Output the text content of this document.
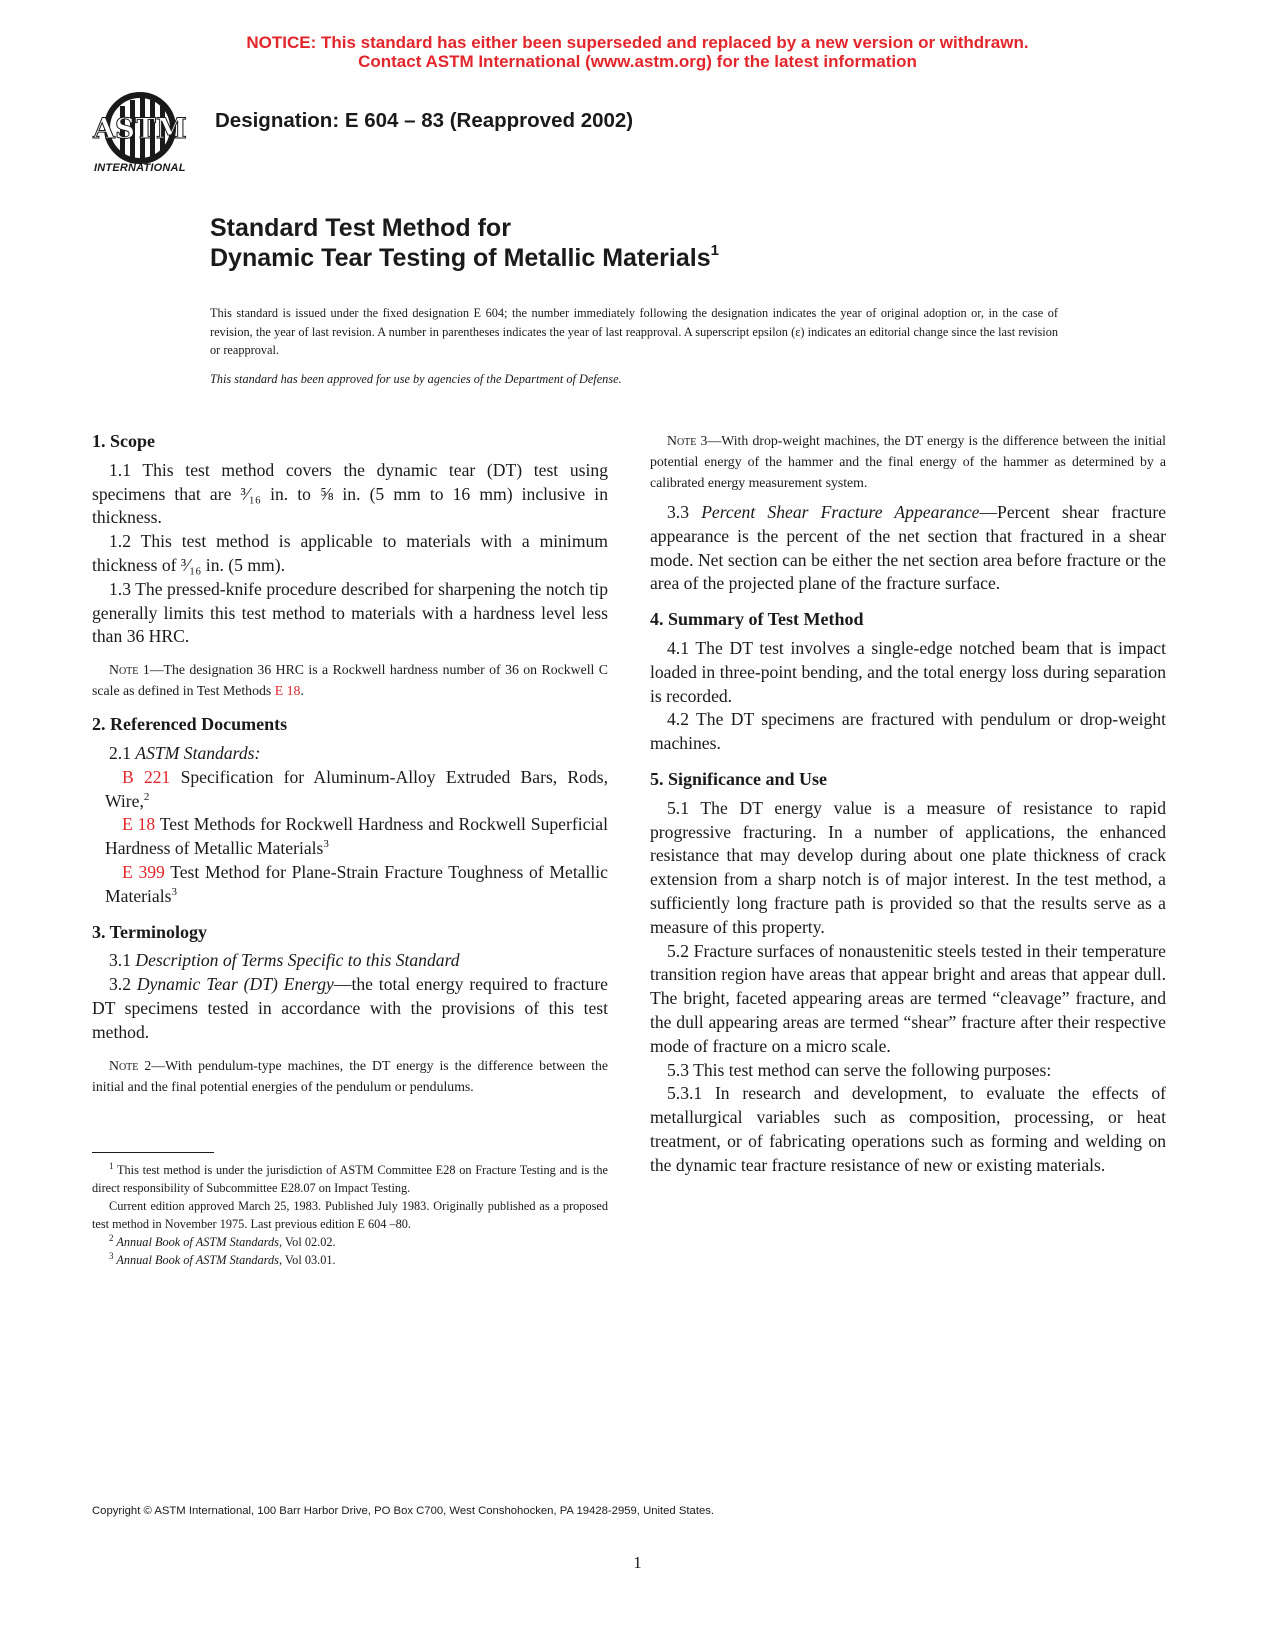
NOTICE: This standard has either been superseded and replaced by a new version or withdrawn.
Contact ASTM International (www.astm.org) for the latest information
ASTM
INTERNATIONAL
Designation: E 604 – 83 (Reapproved 2002)
Standard Test Method for
Dynamic Tear Testing of Metallic Materials$^1$
This standard is issued under the fixed designation E 604; the number immediately following the designation indicates the year of original adoption or, in the case of revision, the year of last revision. A number in parentheses indicates the year of last reapproval. A superscript epsilon (ε) indicates an editorial change since the last revision or reapproval.
This standard has been approved for use by agencies of the Department of Defense.
1. Scope

1.1 This test method covers the dynamic tear (DT) test using specimens that are ³⁄₁₆ in. to ⅝ in. (5 mm to 16 mm) inclusive in thickness.

1.2 This test method is applicable to materials with a minimum thickness of ³⁄₁₆ in. (5 mm).

1.3 The pressed-knife procedure described for sharpening the notch tip generally limits this test method to materials with a hardness level less than 36 HRC.

Note 1—The designation 36 HRC is a Rockwell hardness number of 36 on Rockwell C scale as defined in Test Methods E 18.

2. Referenced Documents

2.1 ASTM Standards:

B 221 Specification for Aluminum-Alloy Extruded Bars, Rods, Wire,$^2$

E 18 Test Methods for Rockwell Hardness and Rockwell Superficial Hardness of Metallic Materials$^3$

E 399 Test Method for Plane-Strain Fracture Toughness of Metallic Materials$^3$

3. Terminology

3.1 Description of Terms Specific to this Standard

3.2 Dynamic Tear (DT) Energy—the total energy required to fracture DT specimens tested in accordance with the provisions of this test method.

Note 2—With pendulum-type machines, the DT energy is the difference between the initial and the final potential energies of the pendulum or pendulums.

$^1$ This test method is under the jurisdiction of ASTM Committee E28 on Fracture Testing and is the direct responsibility of Subcommittee E28.07 on Impact Testing.

Current edition approved March 25, 1983. Published July 1983. Originally published as a proposed test method in November 1975. Last previous edition E 604 –80.

$^2$ Annual Book of ASTM Standards, Vol 02.02.

$^3$ Annual Book of ASTM Standards, Vol 03.01.

Note 3—With drop-weight machines, the DT energy is the difference between the initial potential energy of the hammer and the final energy of the hammer as determined by a calibrated energy measurement system.

3.3 Percent Shear Fracture Appearance—Percent shear fracture appearance is the percent of the net section that fractured in a shear mode. Net section can be either the net section area before fracture or the area of the projected plane of the fracture surface.

4. Summary of Test Method

4.1 The DT test involves a single-edge notched beam that is impact loaded in three-point bending, and the total energy loss during separation is recorded.

4.2 The DT specimens are fractured with pendulum or drop-weight machines.

5. Significance and Use

5.1 The DT energy value is a measure of resistance to rapid progressive fracturing. In a number of applications, the enhanced resistance that may develop during about one plate thickness of crack extension from a sharp notch is of major interest. In the test method, a sufficiently long fracture path is provided so that the results serve as a measure of this property.

5.2 Fracture surfaces of nonaustenitic steels tested in their temperature transition region have areas that appear bright and areas that appear dull. The bright, faceted appearing areas are termed “cleavage” fracture, and the dull appearing areas are termed “shear” fracture after their respective mode of fracture on a micro scale.

5.3 This test method can serve the following purposes:

5.3.1 In research and development, to evaluate the effects of metallurgical variables such as composition, processing, or heat treatment, or of fabricating operations such as forming and welding on the dynamic tear fracture resistance of new or existing materials.

Copyright © ASTM International, 100 Barr Harbor Drive, PO Box C700, West Conshohocken, PA 19428-2959, United States.
1
